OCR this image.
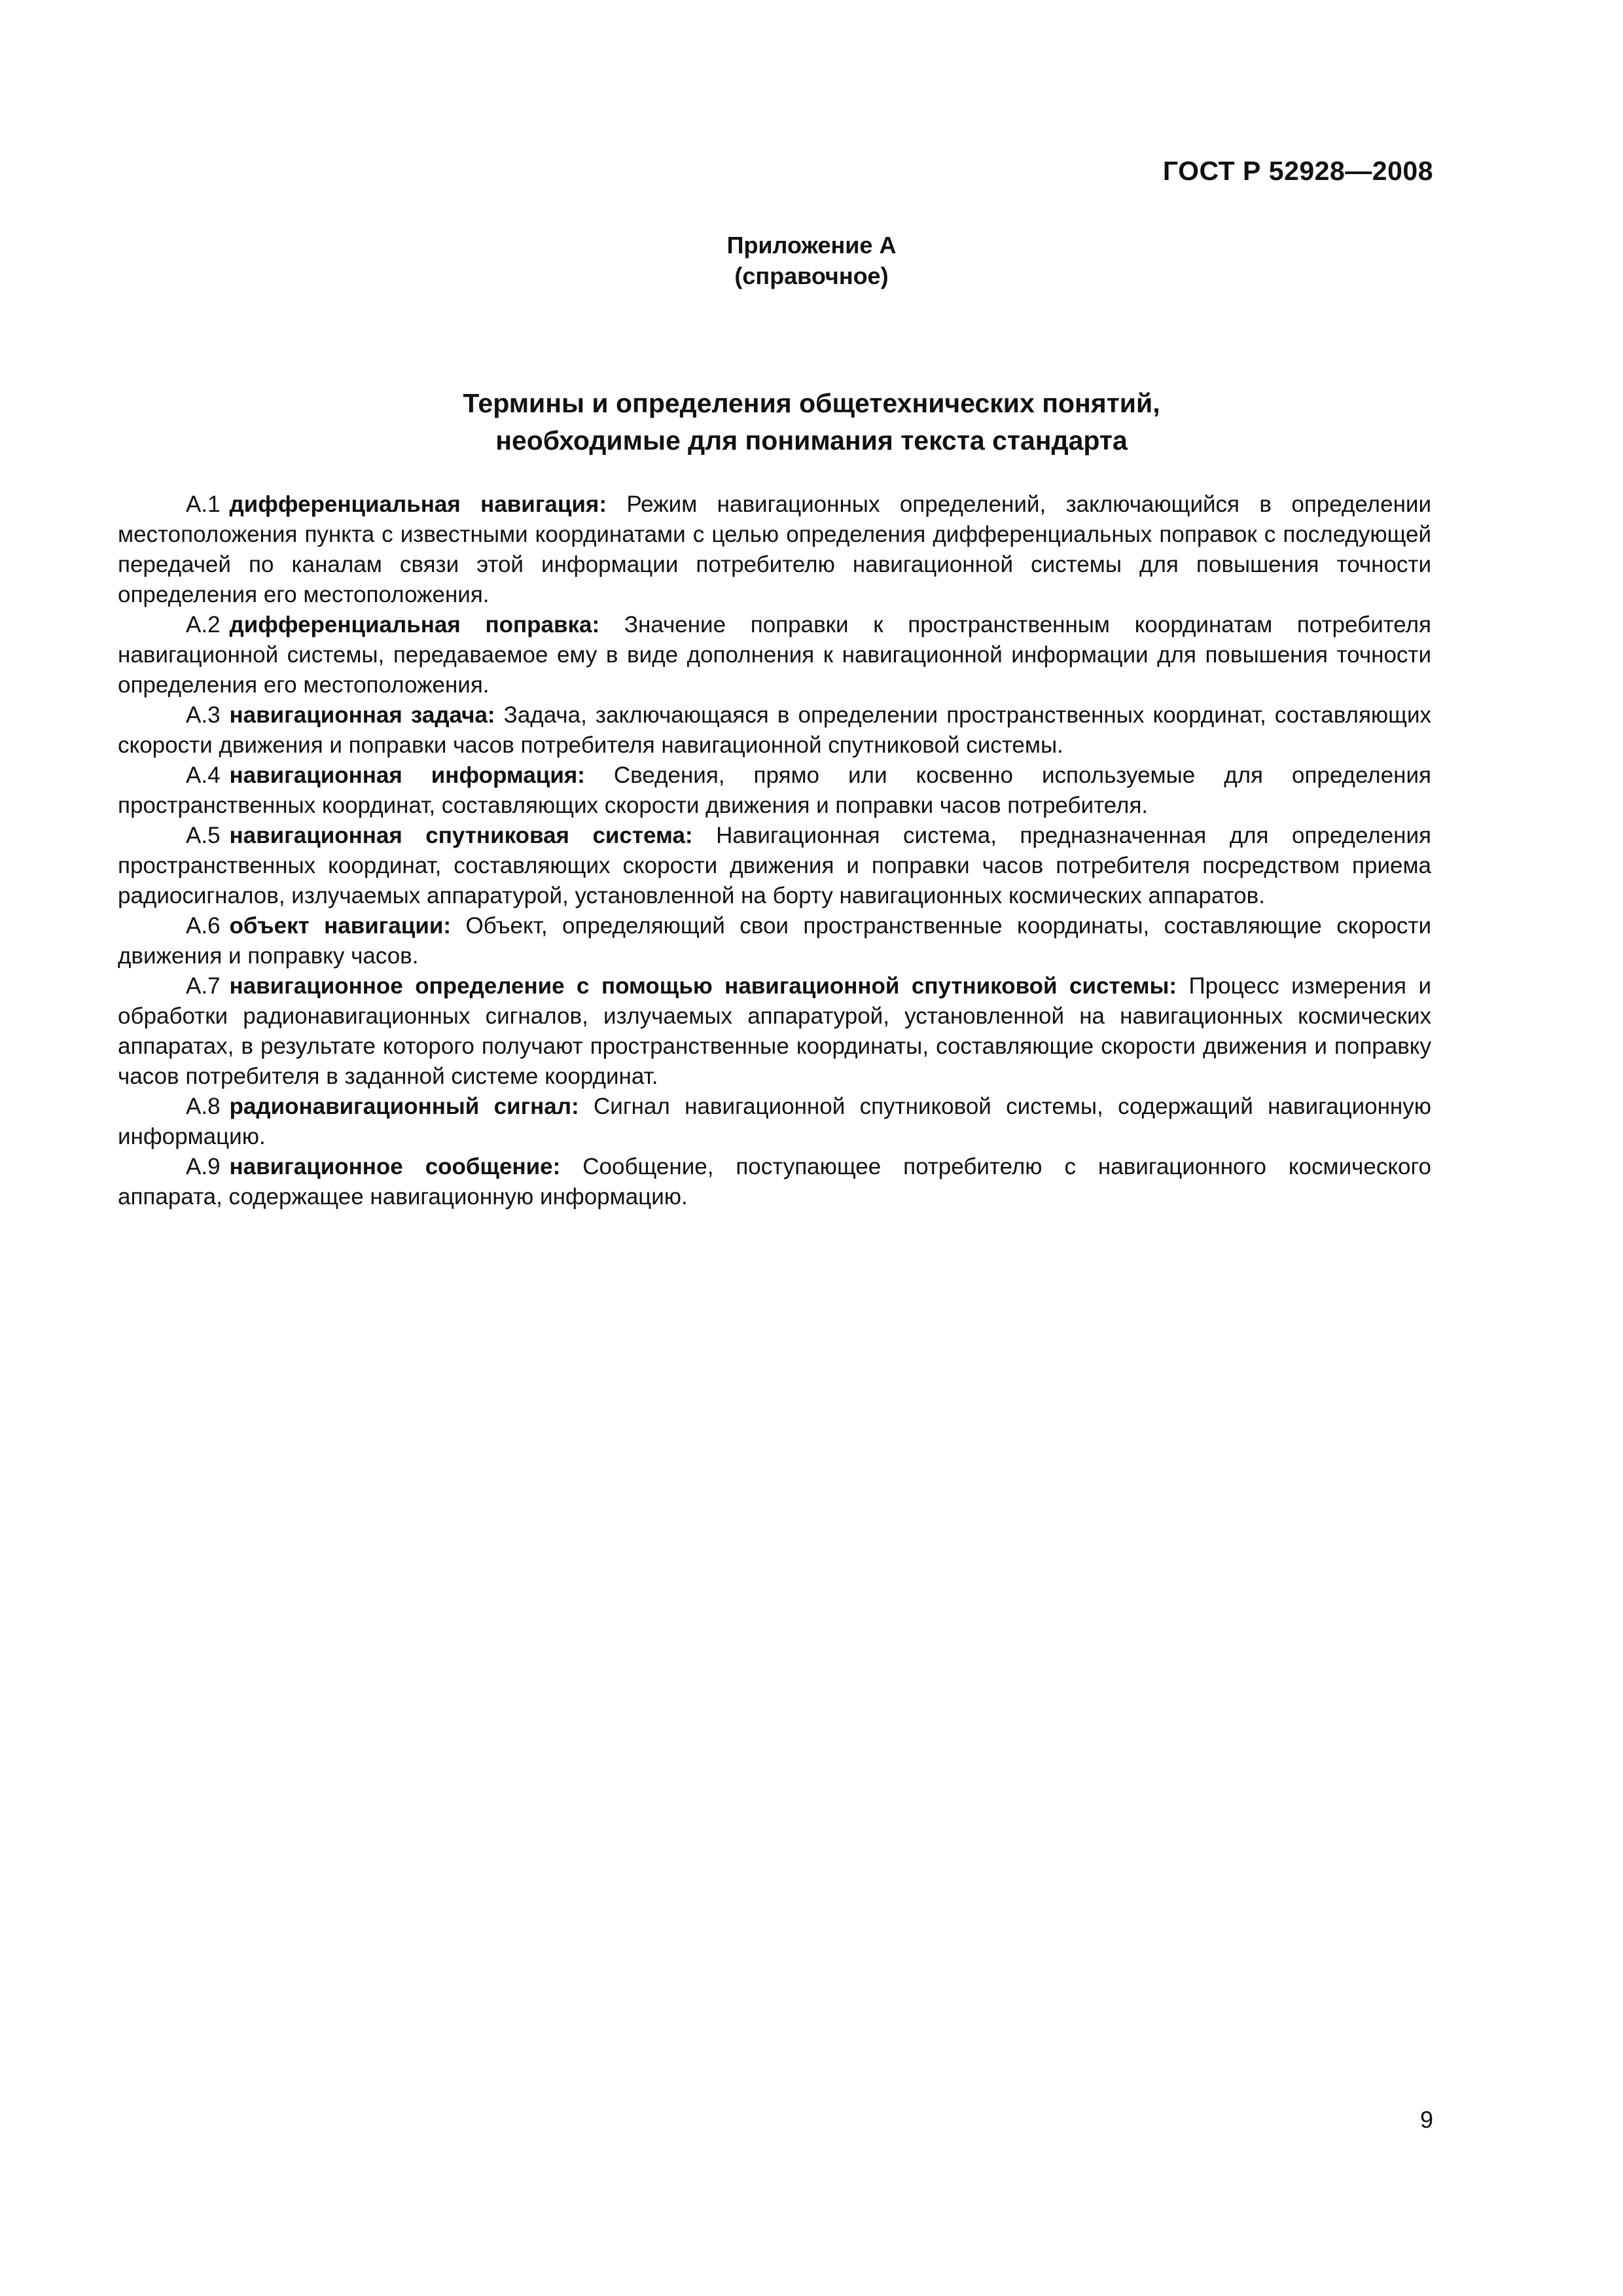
ГОСТ Р 52928—2008

Приложение А
(справочное)
Термины и определения общетехнических понятий,
необходимые для понимания текста стандарта

А.1 дифференциальная навигация: Режим навигационных определений, заключающийся в определении местоположения пункта с известными координатами с целью определения дифференциальных поправок с последующей передачей по каналам связи этой информации потребителю навигационной системы для повышения точности определения его местоположения.

А.2 дифференциальная поправка: Значение поправки к пространственным координатам потребителя навигационной системы, передаваемое ему в виде дополнения к навигационной информации для повышения точности определения его местоположения.

А.3 навигационная задача: Задача, заключающаяся в определении пространственных координат, составляющих скорости движения и поправки часов потребителя навигационной спутниковой системы.

А.4 навигационная информация: Сведения, прямо или косвенно используемые для определения пространственных координат, составляющих скорости движения и поправки часов потребителя.

А.5 навигационная спутниковая система: Навигационная система, предназначенная для определения пространственных координат, составляющих скорости движения и поправки часов потребителя посредством приема радиосигналов, излучаемых аппаратурой, установленной на борту навигационных космических аппаратов.

А.6 объект навигации: Объект, определяющий свои пространственные координаты, составляющие скорости движения и поправку часов.

А.7 навигационное определение с помощью навигационной спутниковой системы: Процесс измерения и обработки радионавигационных сигналов, излучаемых аппаратурой, установленной на навигационных космических аппаратах, в результате которого получают пространственные координаты, составляющие скорости движения и поправку часов потребителя в заданной системе координат.

А.8 радионавигационный сигнал: Сигнал навигационной спутниковой системы, содержащий навигационную информацию.

А.9 навигационное сообщение: Сообщение, поступающее потребителю с навигационного космического аппарата, содержащее навигационную информацию.

9
